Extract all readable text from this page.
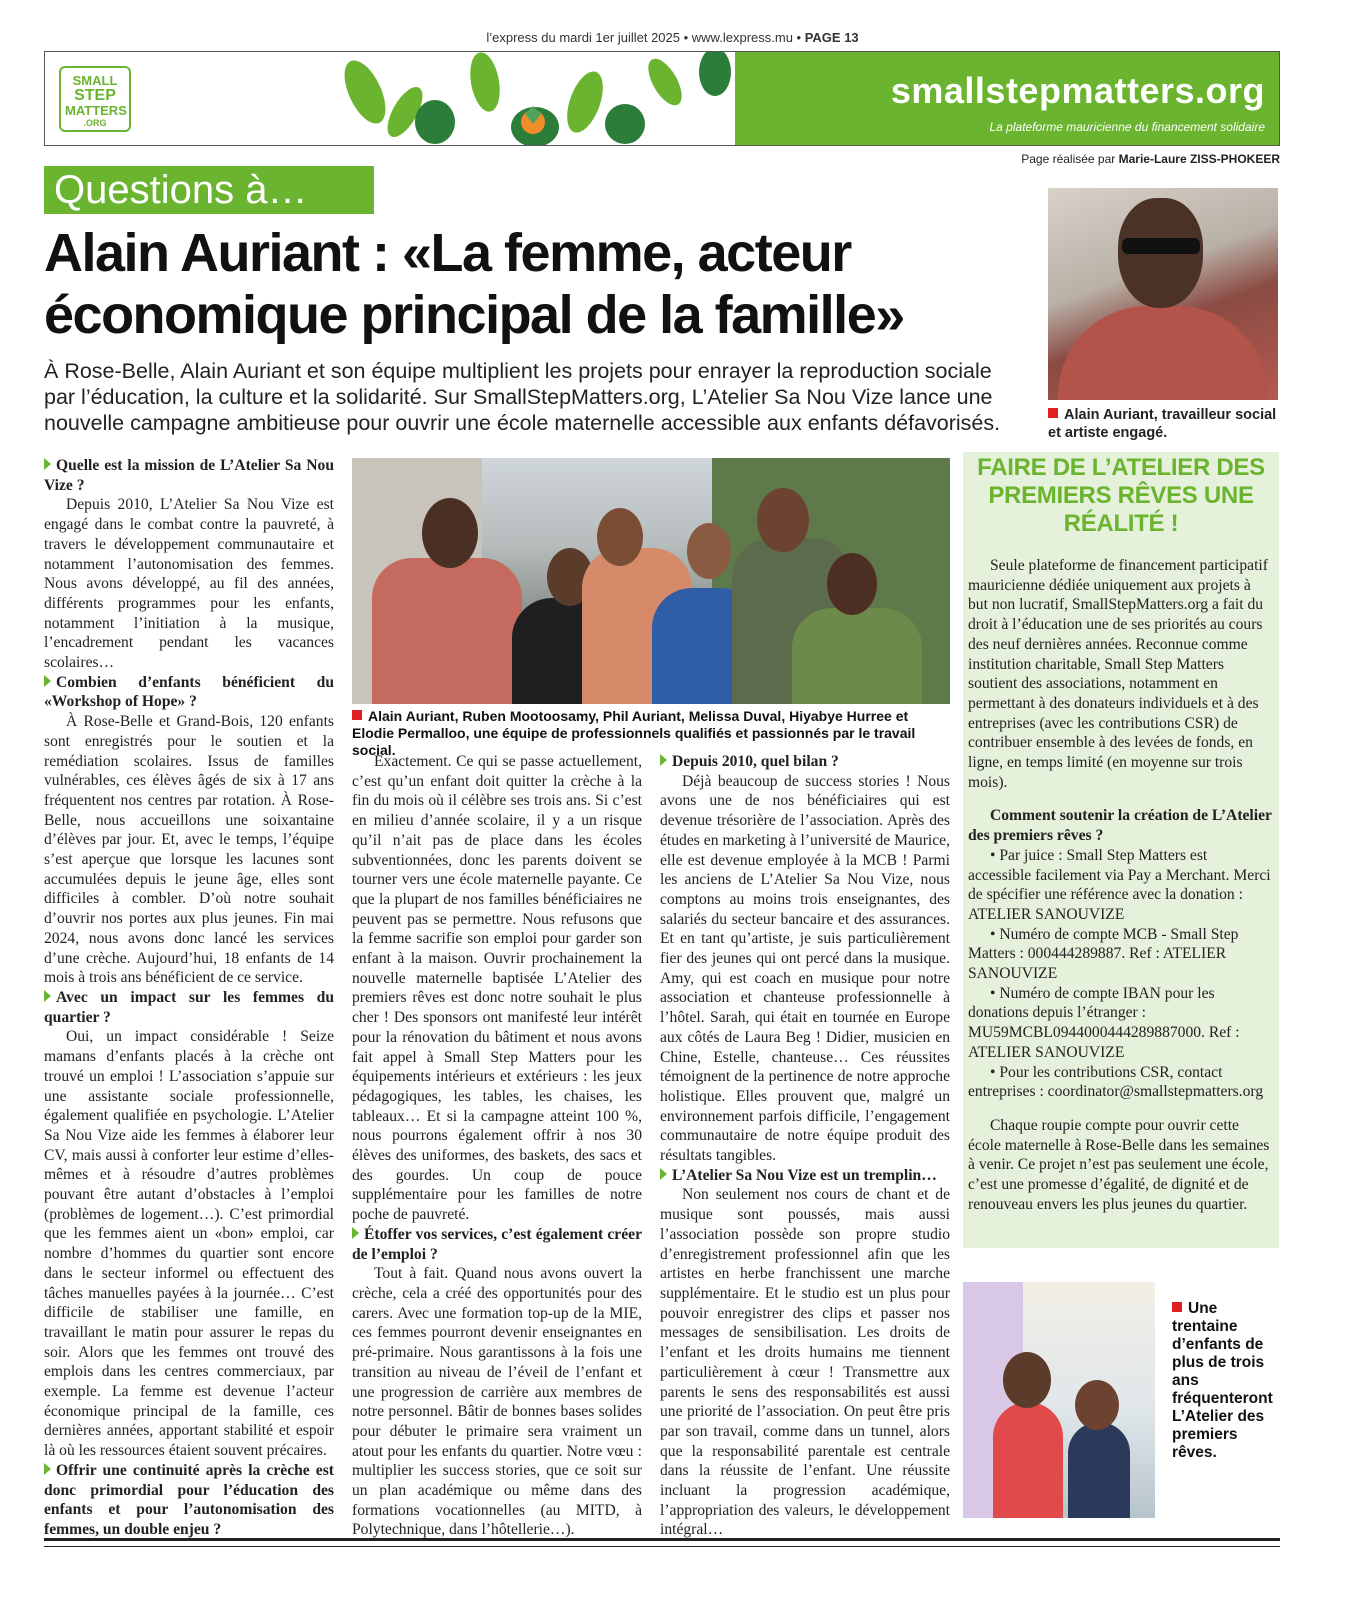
l’express du mardi 1er juillet 2025 • www.lexpress.mu • PAGE 13
SMALL
STEP
MATTERS
.ORG
smallstepmatters.org
La plateforme mauricienne du financement solidaire
Page réalisée par Marie-Laure ZISS-PHOKEER
Questions à…
Alain Auriant : «La femme, acteur économique principal de la famille»
À Rose-Belle, Alain Auriant et son équipe multiplient les projets pour enrayer la reproduction sociale par l’éducation, la culture et la solidarité. Sur SmallStepMatters.org, L’Atelier Sa Nou Vize lance une nouvelle campagne ambitieuse pour ouvrir une école maternelle accessible aux enfants défavorisés.	Alain Auriant, travailleur social et artiste engagé.
Quelle est la mission de L’Atelier Sa Nou Vize ?

Depuis 2010, L’Atelier Sa Nou Vize est engagé dans le combat contre la pauvreté, à travers le développement communautaire et notamment l’autonomisation des femmes. Nous avons développé, au fil des années, différents programmes pour les enfants, notamment l’initiation à la musique, l’encadrement pendant les vacances scolaires…

Combien d’enfants bénéficient du «Workshop of Hope» ?

À Rose-Belle et Grand-Bois, 120 enfants sont enregistrés pour le soutien et la remédiation scolaires. Issus de familles vulnérables, ces élèves âgés de six à 17 ans fréquentent nos centres par rotation. À Rose-Belle, nous accueillons une soixantaine d’élèves par jour. Et, avec le temps, l’équipe s’est aperçue que lorsque les lacunes sont accumulées depuis le jeune âge, elles sont difficiles à combler. D’où notre souhait d’ouvrir nos portes aux plus jeunes. Fin mai 2024, nous avons donc lancé les services d’une crèche. Aujourd’hui, 18 enfants de 14 mois à trois ans bénéficient de ce service.

Avec un impact sur les femmes du quartier ?

Oui, un impact considérable ! Seize mamans d’enfants placés à la crèche ont trouvé un emploi ! L’association s’appuie sur une assistante sociale professionnelle, également qualifiée en psychologie. L’Atelier Sa Nou Vize aide les femmes à élaborer leur CV, mais aussi à conforter leur estime d’elles-mêmes et à résoudre d’autres problèmes pouvant être autant d’obstacles à l’emploi (problèmes de logement…). C’est primordial que les femmes aient un «bon» emploi, car nombre d’hommes du quartier sont encore dans le secteur informel ou effectuent des tâches manuelles payées à la journée… C’est difficile de stabiliser une famille, en travaillant le matin pour assurer le repas du soir. Alors que les femmes ont trouvé des emplois dans les centres commerciaux, par exemple. La femme est devenue l’acteur économique principal de la famille, ces dernières années, apportant stabilité et espoir là où les ressources étaient souvent précaires.

Offrir une continuité après la crèche est donc primordial pour l’éducation des enfants et pour l’autonomisation des femmes, un double enjeu ?
Alain Auriant, Ruben Mootoosamy, Phil Auriant, Melissa Duval, Hiyabye Hurree et Elodie Permalloo, une équipe de professionnels qualifiés et passionnés par le travail social.

Exactement. Ce qui se passe actuellement, c’est qu’un enfant doit quitter la crèche à la fin du mois où il célèbre ses trois ans. Si c’est en milieu d’année scolaire, il y a un risque qu’il n’ait pas de place dans les écoles subventionnées, donc les parents doivent se tourner vers une école maternelle payante. Ce que la plupart de nos familles bénéficiaires ne peuvent pas se permettre. Nous refusons que la femme sacrifie son emploi pour garder son enfant à la maison. Ouvrir prochainement la nouvelle maternelle baptisée L’Atelier des premiers rêves est donc notre souhait le plus cher ! Des sponsors ont manifesté leur intérêt pour la rénovation du bâtiment et nous avons fait appel à Small Step Matters pour les équipements intérieurs et extérieurs : les jeux pédagogiques, les tables, les chaises, les tableaux… Et si la campagne atteint 100 %, nous pourrons également offrir à nos 30 élèves des uniformes, des baskets, des sacs et des gourdes. Un coup de pouce supplémentaire pour les familles de notre poche de pauvreté.

Étoffer vos services, c’est également créer de l’emploi ?

Tout à fait. Quand nous avons ouvert la crèche, cela a créé des opportunités pour des carers. Avec une formation top-up de la MIE, ces femmes pourront devenir enseignantes en pré-primaire. Nous garantissons à la fois une transition au niveau de l’éveil de l’enfant et une progression de carrière aux membres de notre personnel. Bâtir de bonnes bases solides pour débuter le primaire sera vraiment un atout pour les enfants du quartier. Notre vœu : multiplier les success stories, que ce soit sur un plan académique ou même dans des formations vocationnelles (au MITD, à Polytechnique, dans l’hôtellerie…).

Depuis 2010, quel bilan ?

Déjà beaucoup de success stories ! Nous avons une de nos bénéficiaires qui est devenue trésorière de l’association. Après des études en marketing à l’université de Maurice, elle est devenue employée à la MCB ! Parmi les anciens de L’Atelier Sa Nou Vize, nous comptons au moins trois enseignantes, des salariés du secteur bancaire et des assurances. Et en tant qu’artiste, je suis particulièrement fier des jeunes qui ont percé dans la musique. Amy, qui est coach en musique pour notre association et chanteuse professionnelle à l’hôtel. Sarah, qui était en tournée en Europe aux côtés de Laura Beg ! Didier, musicien en Chine, Estelle, chanteuse… Ces réussites témoignent de la pertinence de notre approche holistique. Elles prouvent que, malgré un environnement parfois difficile, l’engagement communautaire de notre équipe produit des résultats tangibles.

L’Atelier Sa Nou Vize est un tremplin…

Non seulement nos cours de chant et de musique sont poussés, mais aussi l’association possède son propre studio d’enregistrement professionnel afin que les artistes en herbe franchissent une marche supplémentaire. Et le studio est un plus pour pouvoir enregistrer des clips et passer nos messages de sensibilisation. Les droits de l’enfant et les droits humains me tiennent particulièrement à cœur ! Transmettre aux parents le sens des responsabilités est aussi une priorité de l’association. On peut être pris par son travail, comme dans un tunnel, alors que la responsabilité parentale est centrale dans la réussite de l’enfant. Une réussite incluant la progression académique, l’appropriation des valeurs, le développement intégral…

FAIRE DE L’ATELIER DES PREMIERS RÊVES UNE RÉALITÉ !

Seule plateforme de financement participatif mauricienne dédiée uniquement aux projets à but non lucratif, SmallStepMatters.org a fait du droit à l’éducation une de ses priorités au cours des neuf dernières années. Reconnue comme institution charitable, Small Step Matters soutient des associations, notamment en permettant à des donateurs individuels et à des entreprises (avec les contributions CSR) de contribuer ensemble à des levées de fonds, en ligne, en temps limité (en moyenne sur trois mois).

Comment soutenir la création de L’Atelier des premiers rêves ?

• Par juice : Small Step Matters est accessible facilement via Pay a Merchant. Merci de spécifier une référence avec la donation : ATELIER SANOUVIZE

• Numéro de compte MCB - Small Step Matters : 000444289887. Ref : ATELIER SANOUVIZE

• Numéro de compte IBAN pour les donations depuis l’étranger : MU59MCBL0944000444289887000. Ref : ATELIER SANOUVIZE

• Pour les contributions CSR, contact entreprises : coordinator@smallstepmatters.org

Chaque roupie compte pour ouvrir cette école maternelle à Rose-Belle dans les semaines à venir. Ce projet n’est pas seulement une école, c’est une promesse d’égalité, de dignité et de renouveau envers les plus jeunes du quartier.

Une trentaine d’enfants de plus de trois ans fréquenteront L’Atelier des premiers rêves.
